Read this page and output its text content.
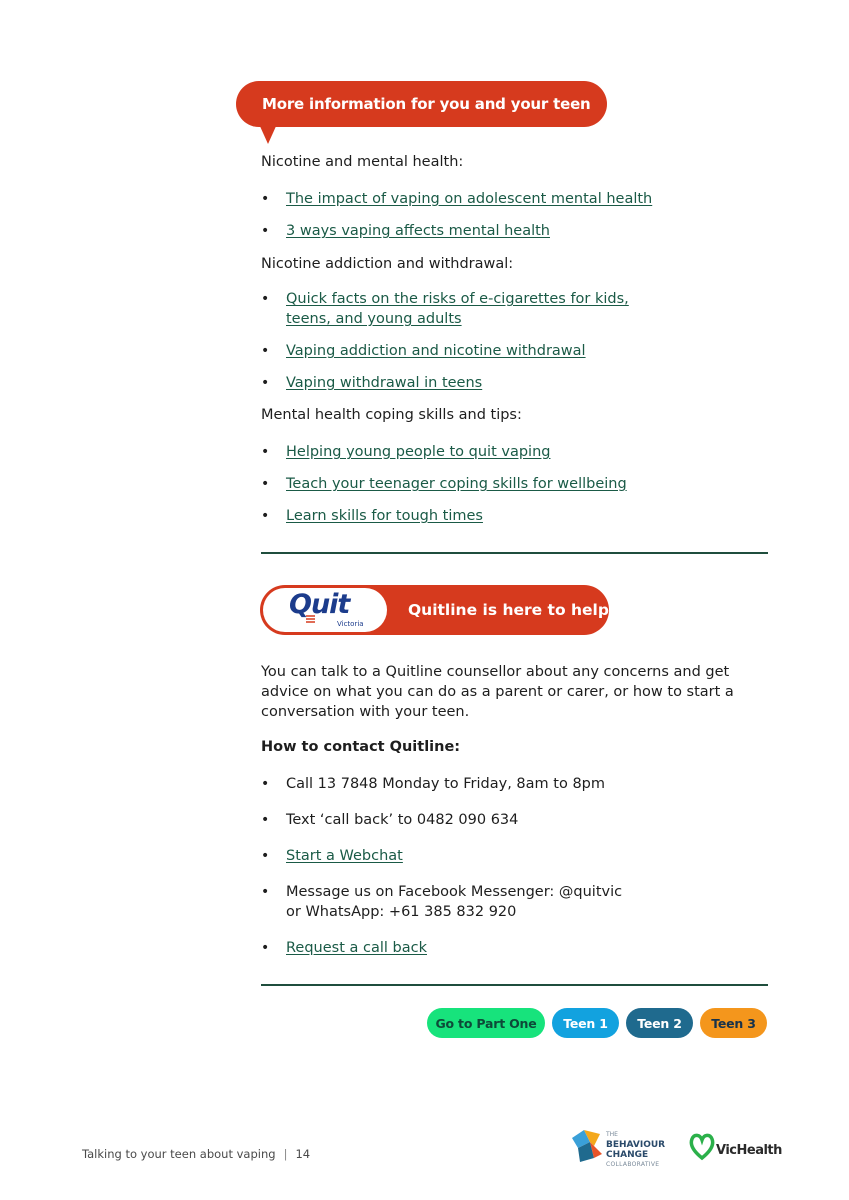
More information for you and your teen
Nicotine and mental health:
• The impact of vaping on adolescent mental health
• 3 ways vaping affects mental health
Nicotine addiction and withdrawal:
• Quick facts on the risks of e-cigarettes for kids,
teens, and young adults
• Vaping addiction and nicotine withdrawal
• Vaping withdrawal in teens
Mental health coping skills and tips:
• Helping young people to quit vaping
• Teach your teenager coping skills for wellbeing
• Learn skills for tough times
Quit
Victoria
Quitline is here to help
You can talk to a Quitline counsellor about any concerns and get advice on what you can do as a parent or carer, or how to start a conversation with your teen.
How to contact Quitline:
• Call 13 7848 Monday to Friday, 8am to 8pm
• Text ‘call back’ to 0482 090 634
• Start a Webchat
• Message us on Facebook Messenger: @quitvic
or WhatsApp: +61 385 832 920
• Request a call back
Go to Part One	Teen 1	Teen 2	Teen 3
Talking to your teen about vaping | 14
THE
BEHAVIOUR
CHANGE
COLLABORATIVE
VicHealth
